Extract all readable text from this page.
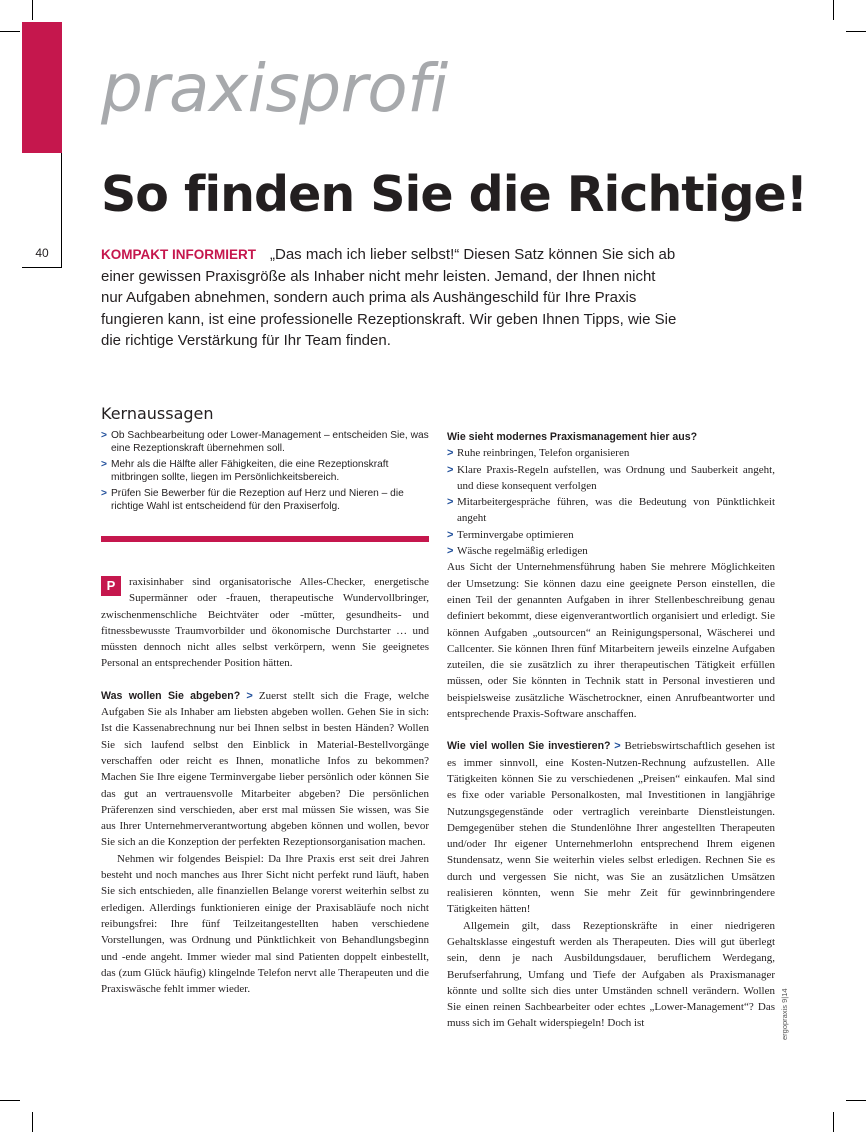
40
praxisprofi
So finden Sie die Richtige!
KOMPAKT INFORMIERT „Das mach ich lieber selbst!“ Diesen Satz können Sie sich ab einer gewissen Praxisgröße als Inhaber nicht mehr leisten. Jemand, der Ihnen nicht nur Aufgaben abnehmen, sondern auch prima als Aushängeschild für Ihre Praxis fungieren kann, ist eine professionelle Rezeptionskraft. Wir geben Ihnen Tipps, wie Sie die richtige Verstärkung für Ihr Team finden.
Kernaussagen
> Ob Sachbearbeitung oder Lower-Management – entscheiden Sie, was eine Rezeptionskraft übernehmen soll.
> Mehr als die Hälfte aller Fähigkeiten, die eine Rezeptionskraft mitbringen sollte, liegen im Persönlichkeitsbereich.
> Prüfen Sie Bewerber für die Rezeption auf Herz und Nieren – die richtige Wahl ist entscheidend für den Praxiserfolg.

P	raxisinhaber sind organisatorische Alles-Checker, energetische Supermänner oder -frauen, therapeutische Wundervollbringer, zwischenmenschliche Beichtväter oder -mütter, gesundheits- und fitnessbewusste Traumvorbilder und ökonomische Durchstarter … und müssten dennoch nicht alles selbst verkörpern, wenn Sie geeignetes Personal an entsprechender Position hätten.

Was wollen Sie abgeben? > Zuerst stellt sich die Frage, welche Aufgaben Sie als Inhaber am liebsten abgeben wollen. Gehen Sie in sich: Ist die Kassenabrechnung nur bei Ihnen selbst in besten Händen? Wollen Sie sich laufend selbst den Einblick in Material-Bestellvorgänge verschaffen oder reicht es Ihnen, monatliche Infos zu bekommen? Machen Sie Ihre eigene Terminvergabe lieber persönlich oder können Sie das gut an vertrauensvolle Mitarbeiter abgeben? Die persönlichen Präferenzen sind verschieden, aber erst mal müssen Sie wissen, was Sie aus Ihrer Unternehmerverantwortung abgeben können und wollen, bevor Sie sich an die Konzeption der perfekten Rezeptionsorganisation machen.

Nehmen wir folgendes Beispiel: Da Ihre Praxis erst seit drei Jahren besteht und noch manches aus Ihrer Sicht nicht perfekt rund läuft, haben Sie sich entschieden, alle finanziellen Belange vorerst weiterhin selbst zu erledigen. Allerdings funktionieren einige der Praxisabläufe noch nicht reibungsfrei: Ihre fünf Teilzeitangestellten haben verschiedene Vorstellungen, was Ordnung und Pünktlichkeit von Behandlungsbeginn und -ende angeht. Immer wieder mal sind Patienten doppelt einbestellt, das (zum Glück häufig) klingelnde Telefon nervt alle Therapeuten und die Praxiswäsche fehlt immer wieder.

Wie sieht modernes Praxismanagement hier aus?

> Ruhe reinbringen, Telefon organisieren
> Klare Praxis-Regeln aufstellen, was Ordnung und Sauberkeit angeht, und diese konsequent verfolgen
> Mitarbeitergespräche führen, was die Bedeutung von Pünktlichkeit angeht
> Terminvergabe optimieren
> Wäsche regelmäßig erledigen

Aus Sicht der Unternehmensführung haben Sie mehrere Möglichkeiten der Umsetzung: Sie können dazu eine geeignete Person einstellen, die einen Teil der genannten Aufgaben in ihrer Stellenbeschreibung genau definiert bekommt, diese eigenverantwortlich organisiert und erledigt. Sie können Aufgaben „outsourcen“ an Reinigungspersonal, Wäscherei und Callcenter. Sie können Ihren fünf Mitarbeitern jeweils einzelne Aufgaben zuteilen, die sie zusätzlich zu ihrer therapeutischen Tätigkeit erfüllen müssen, oder Sie könnten in Technik statt in Personal investieren und beispielsweise zusätzliche Wäschetrockner, einen Anrufbeantworter und entsprechende Praxis-Software anschaffen.

Wie viel wollen Sie investieren? > Betriebswirtschaftlich gesehen ist es immer sinnvoll, eine Kosten-Nutzen-Rechnung aufzustellen. Alle Tätigkeiten können Sie zu verschiedenen „Preisen“ einkaufen. Mal sind es fixe oder variable Personalkosten, mal Investitionen in langjährige Nutzungsgegenstände oder vertraglich vereinbarte Dienstleistungen. Demgegenüber stehen die Stundenlöhne Ihrer angestellten Therapeuten und/oder Ihr eigener Unternehmerlohn entsprechend Ihrem eigenen Stundensatz, wenn Sie weiterhin vieles selbst erledigen. Rechnen Sie es durch und vergessen Sie nicht, was Sie an zusätzlichen Umsätzen realisieren könnten, wenn Sie mehr Zeit für gewinnbringendere Tätigkeiten hätten!

Allgemein gilt, dass Rezeptionskräfte in einer niedrigeren Gehaltsklasse eingestuft werden als Therapeuten. Dies will gut überlegt sein, denn je nach Ausbildungsdauer, beruflichem Werdegang, Berufserfahrung, Umfang und Tiefe der Aufgaben als Praxismanager könnte und sollte sich dies unter Umständen schnell verändern. Wollen Sie einen reinen Sachbearbeiter oder echtes „Lower-Management“? Das muss sich im Gehalt widerspiegeln! Doch ist	ergopraxis 9|14
